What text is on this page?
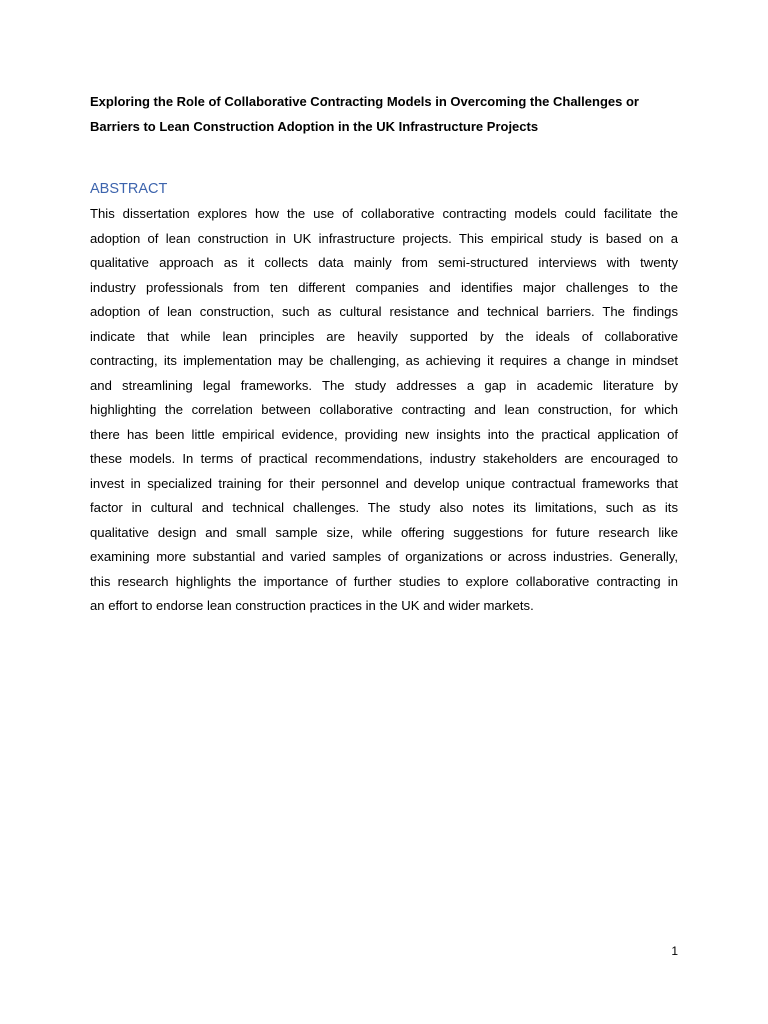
Exploring the Role of Collaborative Contracting Models in Overcoming the Challenges or
Barriers to Lean Construction Adoption in the UK Infrastructure Projects
ABSTRACT
This dissertation explores how the use of collaborative contracting models could facilitate the
adoption of lean construction in UK infrastructure projects. This empirical study is based on a
qualitative approach as it collects data mainly from semi-structured interviews with twenty
industry professionals from ten different companies and identifies major challenges to the
adoption of lean construction, such as cultural resistance and technical barriers. The findings
indicate that while lean principles are heavily supported by the ideals of collaborative
contracting, its implementation may be challenging, as achieving it requires a change in mindset
and streamlining legal frameworks. The study addresses a gap in academic literature by
highlighting the correlation between collaborative contracting and lean construction, for which
there has been little empirical evidence, providing new insights into the practical application of
these models. In terms of practical recommendations, industry stakeholders are encouraged to
invest in specialized training for their personnel and develop unique contractual frameworks that
factor in cultural and technical challenges. The study also notes its limitations, such as its
qualitative design and small sample size, while offering suggestions for future research like
examining more substantial and varied samples of organizations or across industries. Generally,
this research highlights the importance of further studies to explore collaborative contracting in
an effort to endorse lean construction practices in the UK and wider markets.
1
